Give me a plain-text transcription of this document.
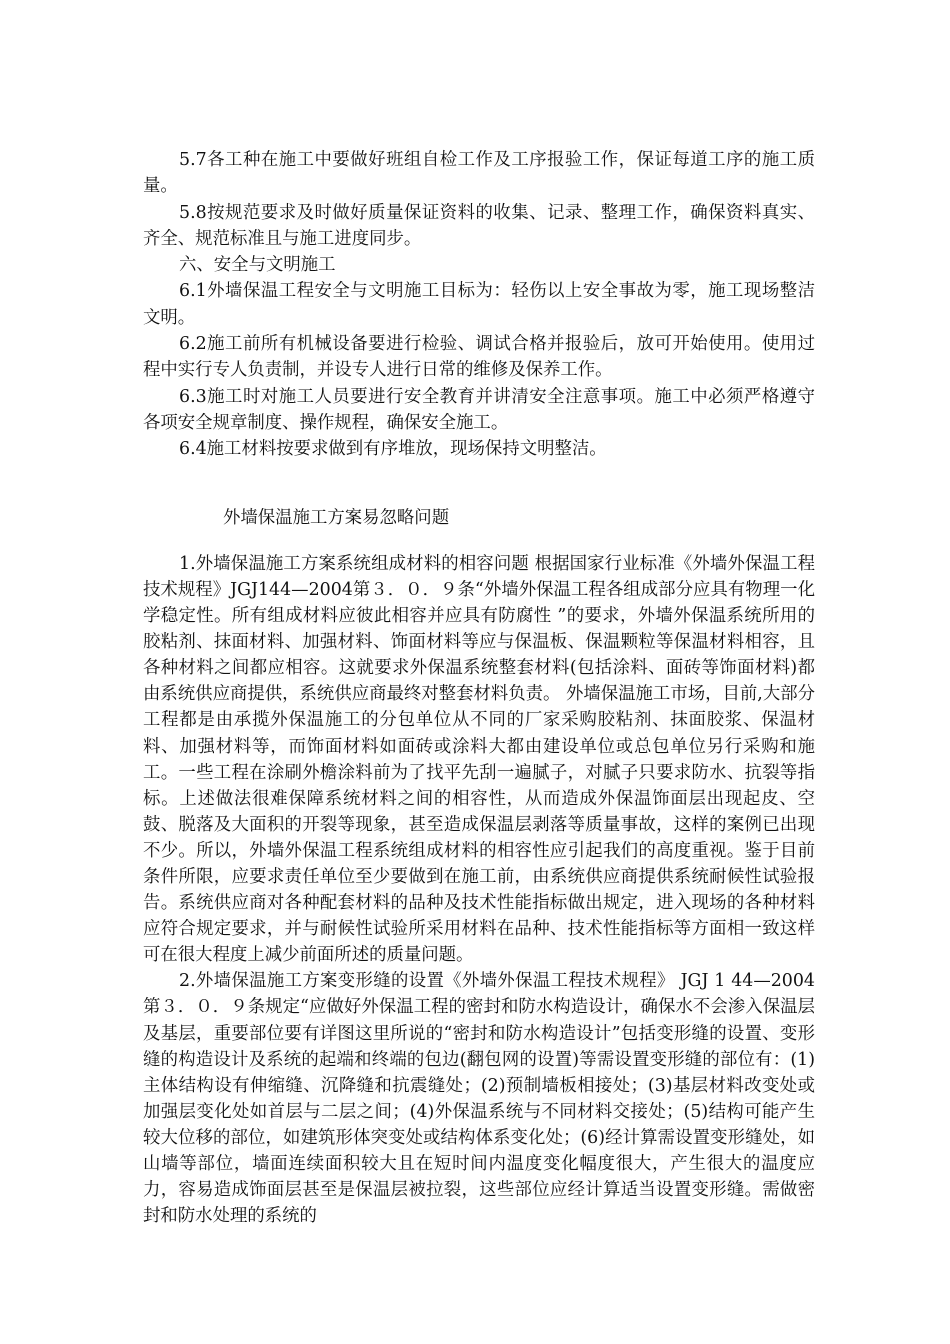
5.7各工种在施工中要做好班组自检工作及工序报验工作，保证每道工序的施工质量。

5.8按规范要求及时做好质量保证资料的收集、记录、整理工作，确保资料真实、齐全、规范标准且与施工进度同步。

六、安全与文明施工

6.1外墙保温工程安全与文明施工目标为：轻伤以上安全事故为零，施工现场整洁文明。

6.2施工前所有机械设备要进行检验、调试合格并报验后，放可开始使用。使用过程中实行专人负责制，并设专人进行日常的维修及保养工作。

6.3施工时对施工人员要进行安全教育并讲清安全注意事项。施工中必须严格遵守各项安全规章制度、操作规程，确保安全施工。

6.4施工材料按要求做到有序堆放，现场保持文明整洁。

外墙保温施工方案易忽略问题

1.外墙保温施工方案系统组成材料的相容问题 根据国家行业标准《外墙外保温工程技术规程》JGJ144—2004第３．０．９条“外墙外保温工程各组成部分应具有物理一化学稳定性。所有组成材料应彼此相容并应具有防腐性 ”的要求，外墙外保温系统所用的胶粘剂、抹面材料、加强材料、饰面材料等应与保温板、保温颗粒等保温材料相容，且各种材料之间都应相容。这就要求外保温系统整套材料(包括涂料、面砖等饰面材料)都由系统供应商提供，系统供应商最终对整套材料负责。 外墙保温施工市场，目前,大部分工程都是由承揽外保温施工的分包单位从不同的厂家采购胶粘剂、抹面胶浆、保温材料、加强材料等，而饰面材料如面砖或涂料大都由建设单位或总包单位另行采购和施工。一些工程在涂刷外檐涂料前为了找平先刮一遍腻子，对腻子只要求防水、抗裂等指标。上述做法很难保障系统材料之间的相容性，从而造成外保温饰面层出现起皮、空鼓、脱落及大面积的开裂等现象，甚至造成保温层剥落等质量事故，这样的案例已出现不少。所以，外墙外保温工程系统组成材料的相容性应引起我们的高度重视。鉴于目前条件所限，应要求责任单位至少要做到在施工前，由系统供应商提供系统耐候性试验报告。系统供应商对各种配套材料的品种及技术性能指标做出规定，进入现场的各种材料应符合规定要求，并与耐候性试验所采用材料在品种、技术性能指标等方面相一致这样可在很大程度上减少前面所述的质量问题。

2.外墙保温施工方案变形缝的设置《外墙外保温工程技术规程》 JGJ 1 44—2004第３．０．９条规定“应做好外保温工程的密封和防水构造设计，确保水不会渗入保温层及基层，重要部位要有详图这里所说的“密封和防水构造设计”包括变形缝的设置、变形缝的构造设计及系统的起端和终端的包边(翻包网的设置)等需设置变形缝的部位有：(1)主体结构设有伸缩缝、沉降缝和抗震缝处；(2)预制墙板相接处；(3)基层材料改变处或加强层变化处如首层与二层之间；(4)外保温系统与不同材料交接处；(5)结构可能产生较大位移的部位，如建筑形体突变处或结构体系变化处；(6)经计算需设置变形缝处，如山墙等部位，墙面连续面积较大且在短时间内温度变化幅度很大，产生很大的温度应力，容易造成饰面层甚至是保温层被拉裂，这些部位应经计算适当设置变形缝。需做密封和防水处理的系统的
